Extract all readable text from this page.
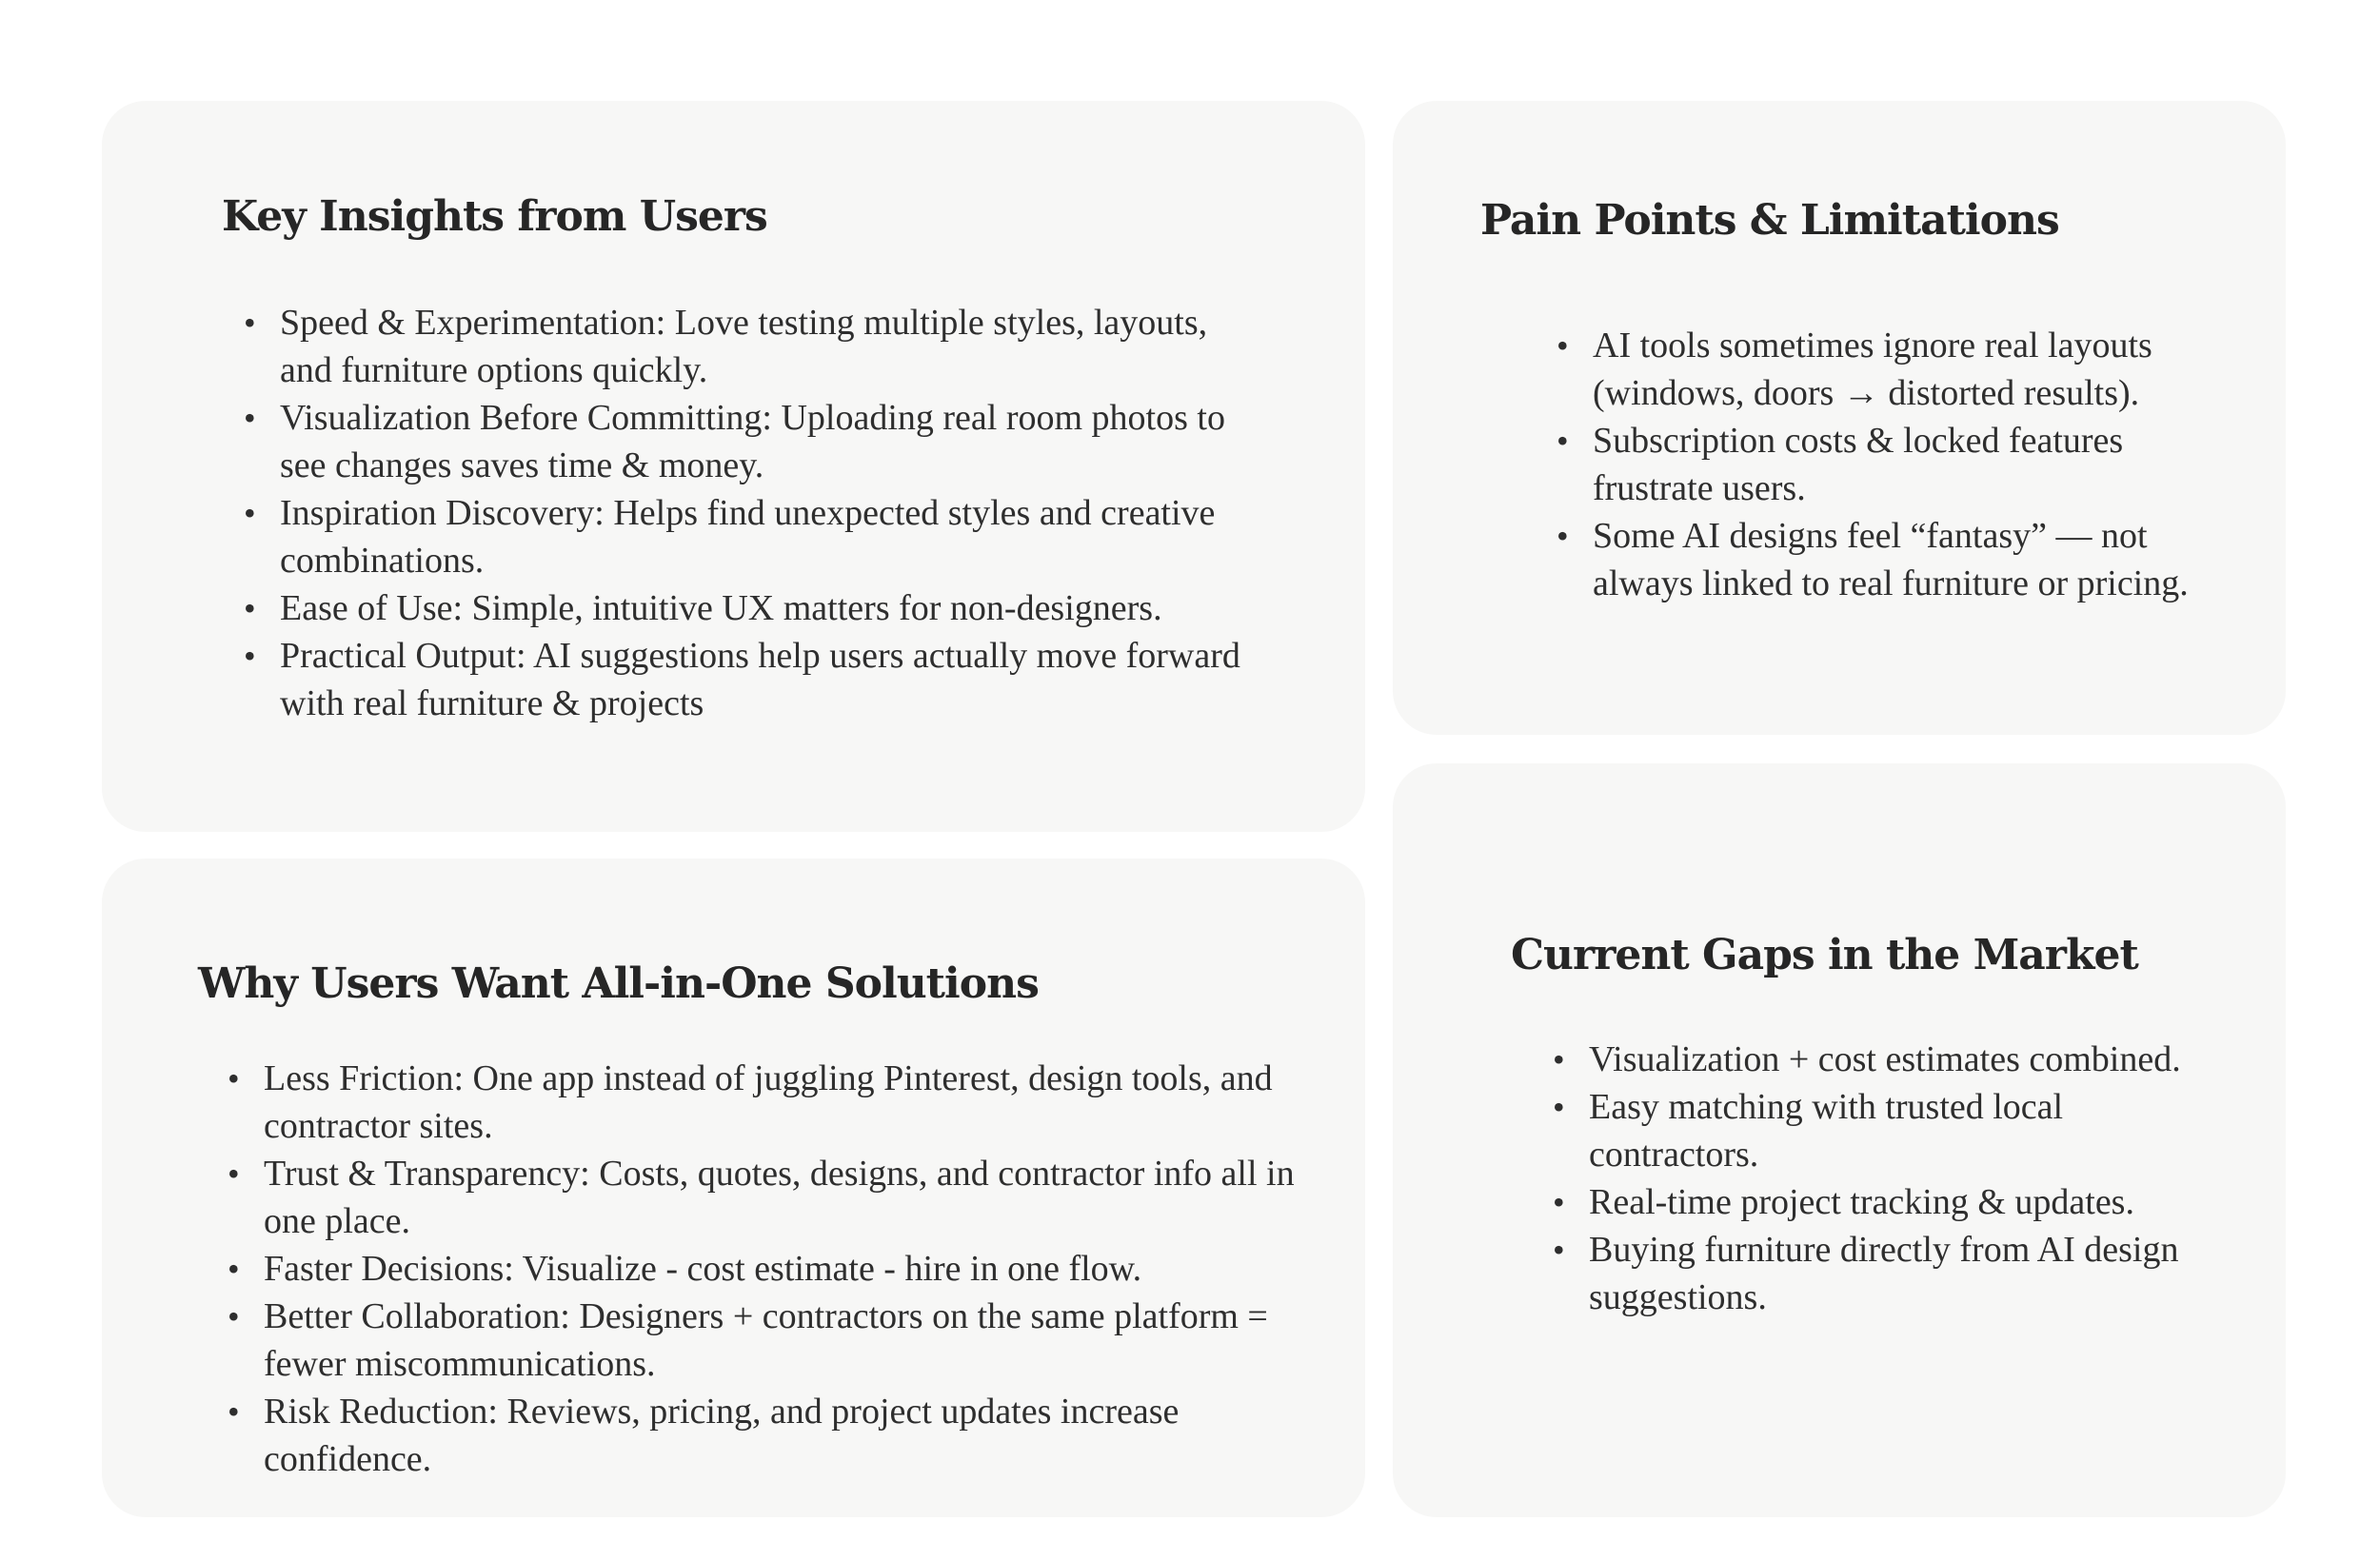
Key Insights from Users
• Speed & Experimentation: Love testing multiple styles, layouts, and furniture options quickly.
• Visualization Before Committing: Uploading real room photos to see changes saves time & money.
• Inspiration Discovery: Helps find unexpected styles and creative combinations.
• Ease of Use: Simple, intuitive UX matters for non-designers.
• Practical Output: AI suggestions help users actually move forward with real furniture & projects
Pain Points & Limitations
• AI tools sometimes ignore real layouts (windows, doors → distorted results).
• Subscription costs & locked features frustrate users.
• Some AI designs feel “fantasy” — not always linked to real furniture or pricing.
Why Users Want All-in-One Solutions
• Less Friction: One app instead of juggling Pinterest, design tools, and contractor sites.
• Trust & Transparency: Costs, quotes, designs, and contractor info all in one place.
• Faster Decisions: Visualize - cost estimate - hire in one flow.
• Better Collaboration: Designers + contractors on the same platform = fewer miscommunications.
• Risk Reduction: Reviews, pricing, and project updates increase confidence.
Current Gaps in the Market
• Visualization + cost estimates combined.
• Easy matching with trusted local contractors.
• Real-time project tracking & updates.
• Buying furniture directly from AI design suggestions.
